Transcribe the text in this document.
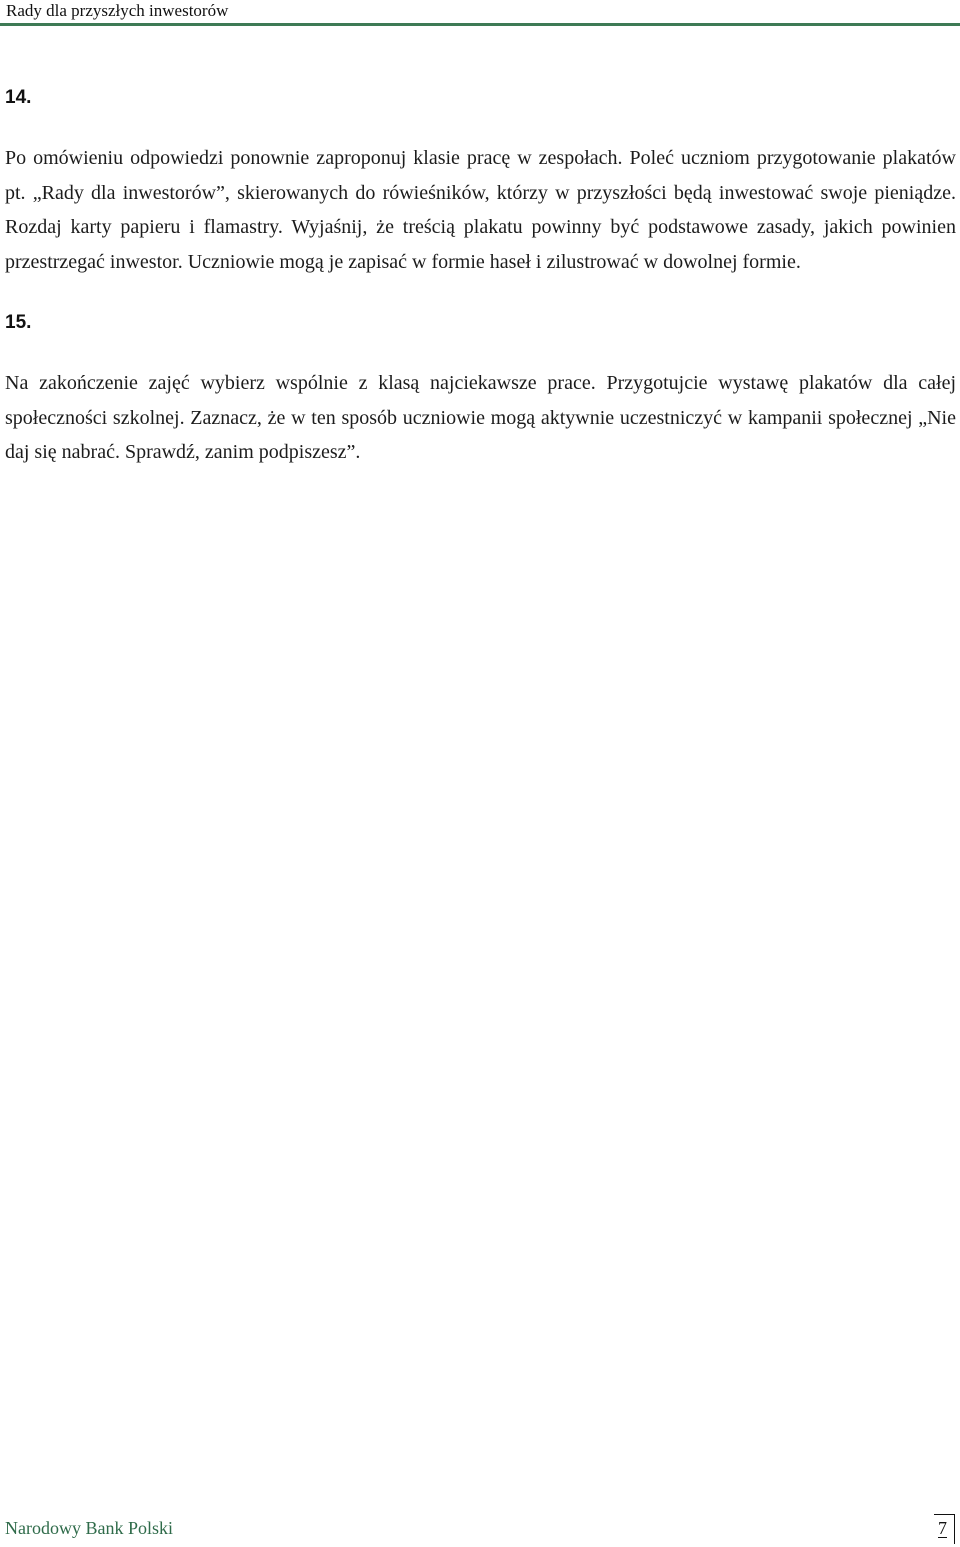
Rady dla przyszłych inwestorów
14.

Po omówieniu odpowiedzi ponownie zaproponuj klasie pracę w zespołach. Poleć uczniom przygotowanie plakatów pt. „Rady dla inwestorów”, skierowanych do rówieśników, którzy w przyszłości będą inwestować swoje pieniądze. Rozdaj karty papieru i flamastry. Wyjaśnij, że treścią plakatu powinny być podstawowe zasady, jakich powinien przestrzegać inwestor. Uczniowie mogą je zapisać w formie haseł i zilustrować w dowolnej formie.

15.

Na zakończenie zajęć wybierz wspólnie z klasą najciekawsze prace. Przygotujcie wystawę plakatów dla całej społeczności szkolnej. Zaznacz, że w ten sposób uczniowie mogą aktywnie uczestniczyć w kampanii społecznej „Nie daj się nabrać. Sprawdź, zanim podpiszesz”.

Narodowy Bank Polski	7
